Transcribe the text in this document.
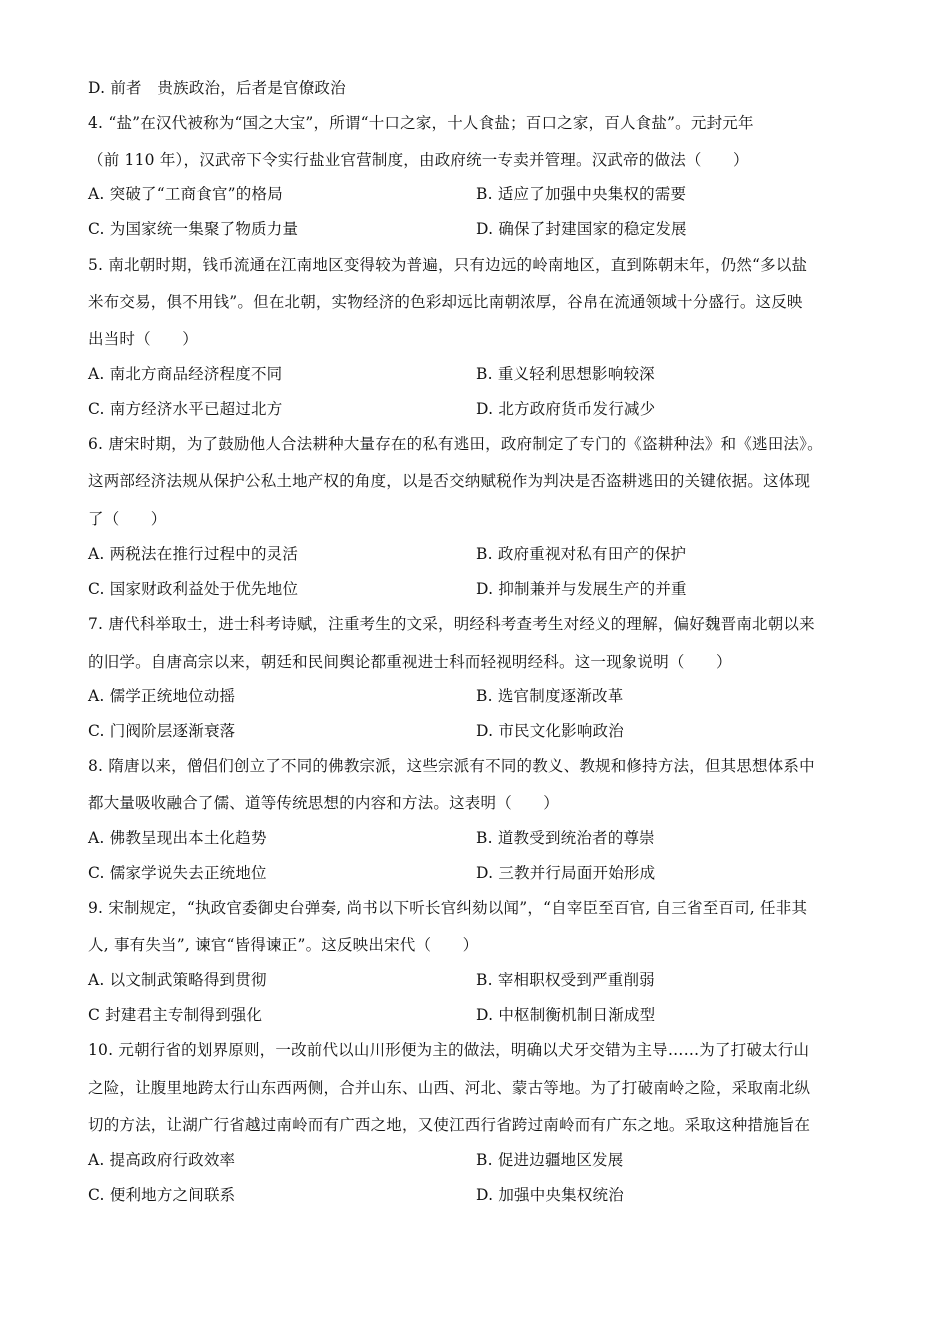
D. 前者　贵族政治，后者是官僚政治
4. “盐”在汉代被称为“国之大宝”，所谓“十口之家，十人食盐；百口之家，百人食盐”。元封元年
（前 110 年），汉武帝下令实行盐业官营制度，由政府统一专卖并管理。汉武帝的做法（　　）
A. 突破了“工商食官”的格局	B. 适应了加强中央集权的需要
C. 为国家统一集聚了物质力量	D. 确保了封建国家的稳定发展
5. 南北朝时期，钱币流通在江南地区变得较为普遍，只有边远的岭南地区，直到陈朝末年，仍然“多以盐
米布交易，俱不用钱”。但在北朝，实物经济的色彩却远比南朝浓厚，谷帛在流通领域十分盛行。这反映
出当时（　　）
A. 南北方商品经济程度不同	B. 重义轻利思想影响较深
C. 南方经济水平已超过北方	D. 北方政府货币发行减少
6. 唐宋时期，为了鼓励他人合法耕种大量存在的私有逃田，政府制定了专门的《盗耕种法》和《逃田法》。
这两部经济法规从保护公私土地产权的角度，以是否交纳赋税作为判决是否盗耕逃田的关键依据。这体现
了（　　）
A. 两税法在推行过程中的灵活	B. 政府重视对私有田产的保护
C. 国家财政利益处于优先地位	D. 抑制兼并与发展生产的并重
7. 唐代科举取士，进士科考诗赋，注重考生的文采，明经科考查考生对经义的理解，偏好魏晋南北朝以来
的旧学。自唐高宗以来，朝廷和民间舆论都重视进士科而轻视明经科。这一现象说明（　　）
A. 儒学正统地位动摇	B. 选官制度逐渐改革
C. 门阀阶层逐渐衰落	D. 市民文化影响政治
8. 隋唐以来，僧侣们创立了不同的佛教宗派，这些宗派有不同的教义、教规和修持方法，但其思想体系中
都大量吸收融合了儒、道等传统思想的内容和方法。这表明（　　）
A. 佛教呈现出本土化趋势	B. 道教受到统治者的尊崇
C. 儒家学说失去正统地位	D. 三教并行局面开始形成
9. 宋制规定，“执政官委御史台弹奏, 尚书以下听长官纠劾以闻”，“自宰臣至百官, 自三省至百司, 任非其
人, 事有失当”, 谏官“皆得谏正”。这反映出宋代（　　）
A. 以文制武策略得到贯彻	B. 宰相职权受到严重削弱
C 封建君主专制得到强化	D. 中枢制衡机制日渐成型
10. 元朝行省的划界原则，一改前代以山川形便为主的做法，明确以犬牙交错为主导……为了打破太行山
之险，让腹里地跨太行山东西两侧，合并山东、山西、河北、蒙古等地。为了打破南岭之险，采取南北纵
切的方法，让湖广行省越过南岭而有广西之地，又使江西行省跨过南岭而有广东之地。采取这种措施旨在
A. 提高政府行政效率	B. 促进边疆地区发展
C. 便利地方之间联系	D. 加强中央集权统治
